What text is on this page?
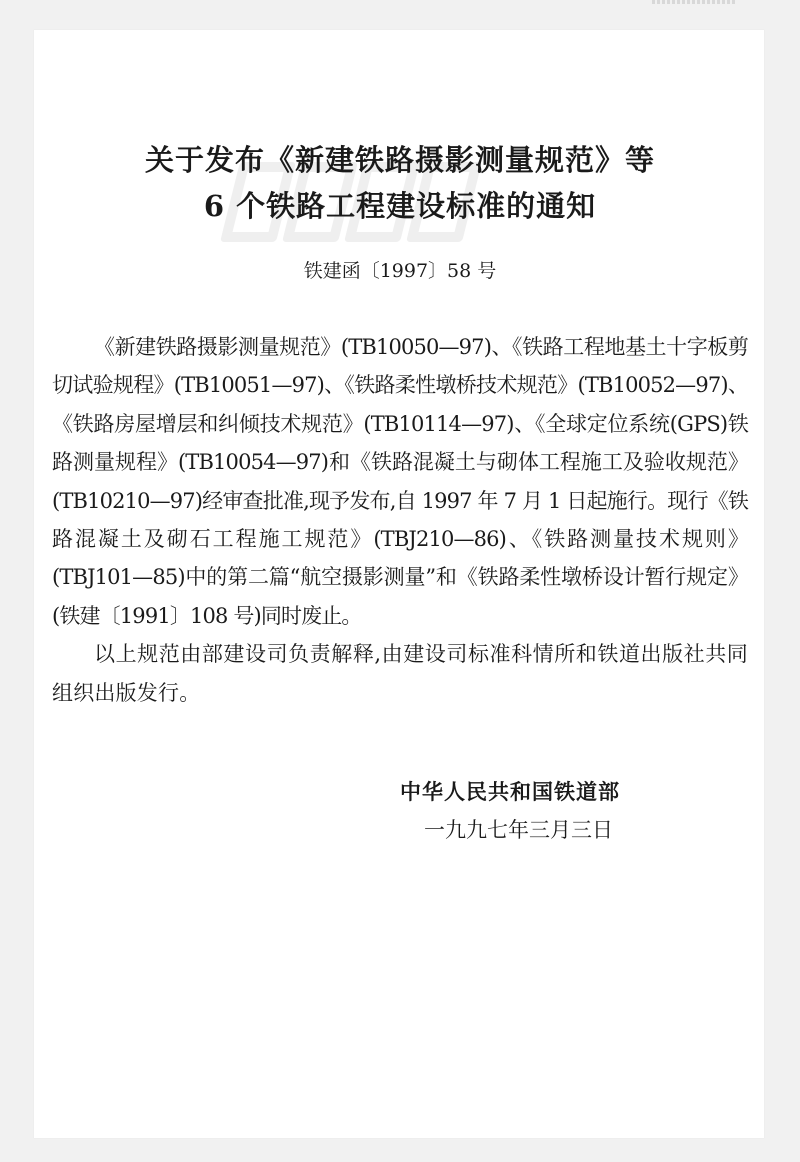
关于发布《新建铁路摄影测量规范》等
6 个铁路工程建设标准的通知

铁建函〔1997〕58 号

《新建铁路摄影测量规范》(TB10050—97)、《铁路工程地基土十字板剪切试验规程》(TB10051—97)、《铁路柔性墩桥技术规范》(TB10052—97)、《铁路房屋增层和纠倾技术规范》(TB10114—97)、《全球定位系统(GPS)铁路测量规程》(TB10054—97)和《铁路混凝土与砌体工程施工及验收规范》(TB10210—97)经审查批准,现予发布,自 1997 年 7 月 1 日起施行。现行《铁路混凝土及砌石工程施工规范》(TBJ210—86)、《铁路测量技术规则》(TBJ101—85)中的第二篇“航空摄影测量”和《铁路柔性墩桥设计暂行规定》(铁建〔1991〕108 号)同时废止。

以上规范由部建设司负责解释,由建设司标准科情所和铁道出版社共同组织出版发行。

中华人民共和国铁道部
一九九七年三月三日
